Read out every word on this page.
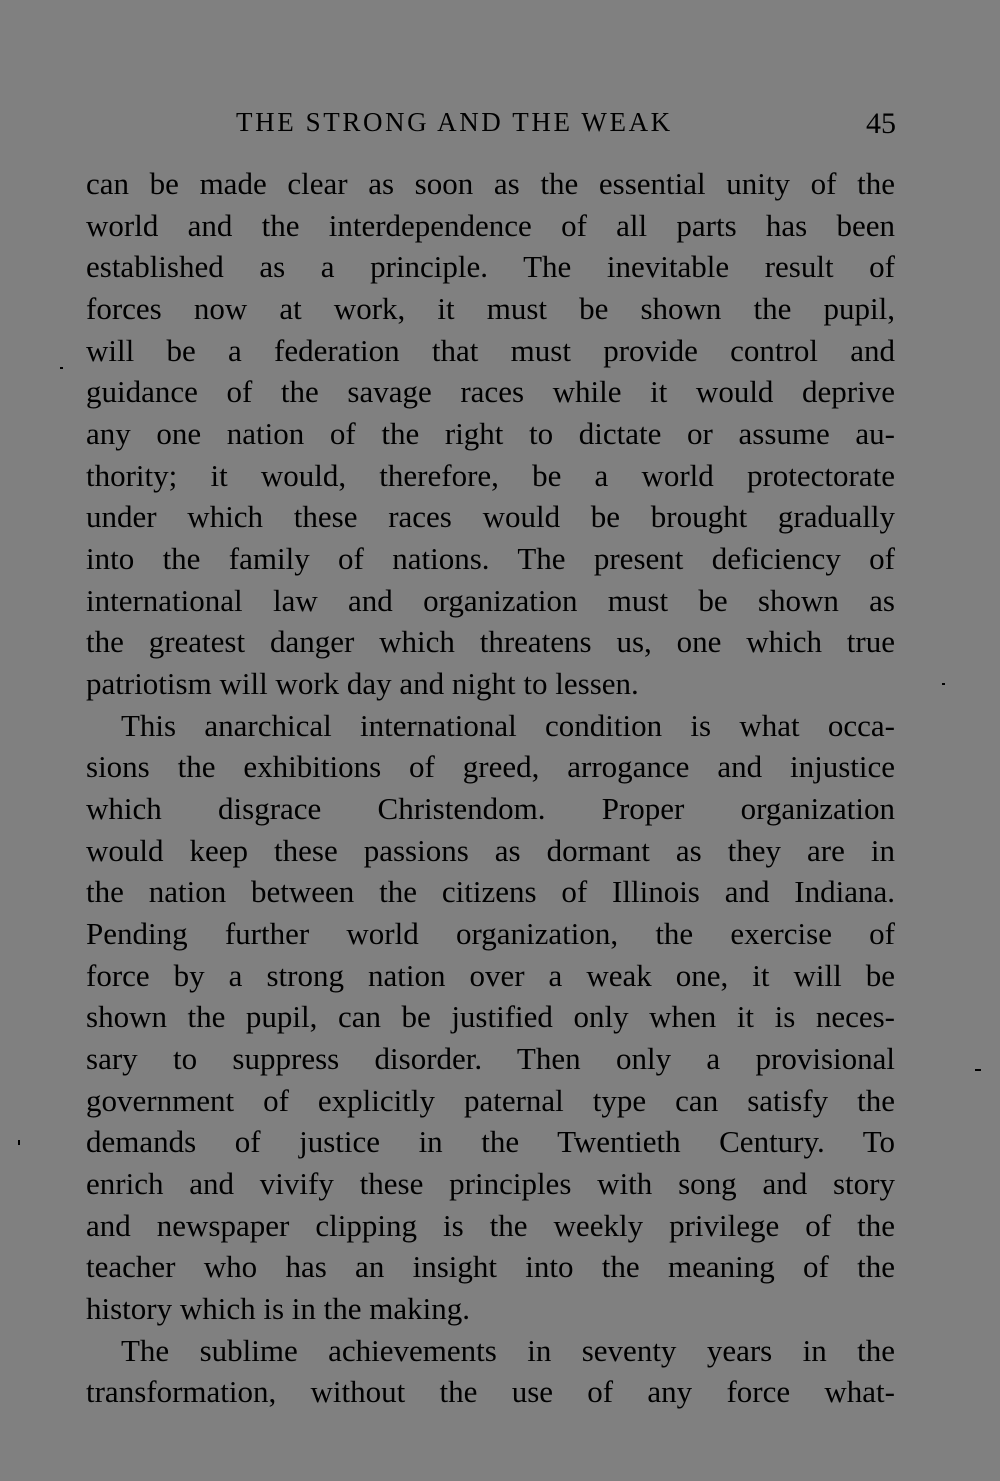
THE STRONG AND THE WEAK	45
can be made clear as soon as the essential unity of the
world and the interdependence of all parts has been
established as a principle. The inevitable result of
forces now at work, it must be shown the pupil,
will be a federation that must provide control and
guidance of the savage races while it would deprive
any one nation of the right to dictate or assume au-
thority; it would, therefore, be a world protectorate
under which these races would be brought gradually
into the family of nations. The present deficiency of
international law and organization must be shown as
the greatest danger which threatens us, one which true
patriotism will work day and night to lessen.
This anarchical international condition is what occa-
sions the exhibitions of greed, arrogance and injustice
which disgrace Christendom. Proper organization
would keep these passions as dormant as they are in
the nation between the citizens of Illinois and Indiana.
Pending further world organization, the exercise of
force by a strong nation over a weak one, it will be
shown the pupil, can be justified only when it is neces-
sary to suppress disorder. Then only a provisional
government of explicitly paternal type can satisfy the
demands of justice in the Twentieth Century. To
enrich and vivify these principles with song and story
and newspaper clipping is the weekly privilege of the
teacher who has an insight into the meaning of the
history which is in the making.
The sublime achievements in seventy years in the
transformation, without the use of any force what-
